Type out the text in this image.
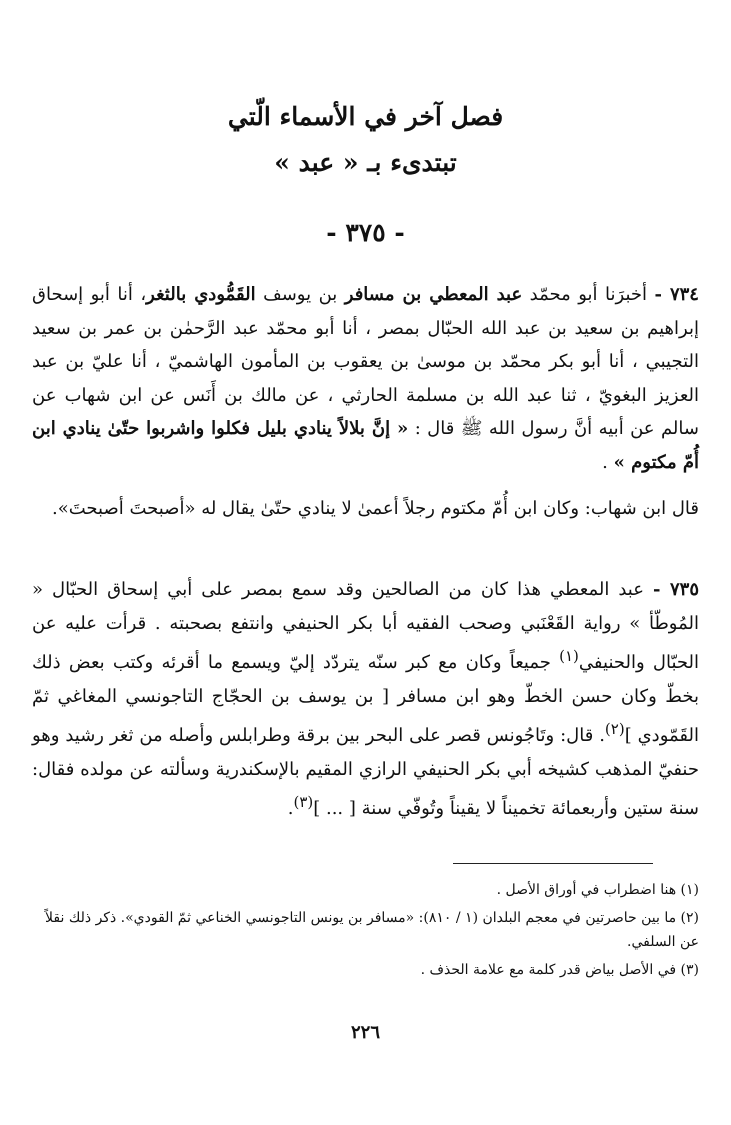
فصل آخر في الأسماء الّتي
تبتدىء بـ « عبد »
- ٣٧٥ -
٧٣٤ - أخبرَنا أبو محمّد عبد المعطي بن مسافر بن يوسف القَمُّودي بالثغر، أنا أبو إسحاق إبراهيم بن سعيد بن عبد الله الحبّال بمصر ، أنا أبو محمّد عبد الرَّحمٰن بن عمر بن سعيد التجيبي ، أنا أبو بكر محمّد بن موسىٰ بن يعقوب بن المأمون الهاشميّ ، أنا عليّ بن عبد العزيز البغويّ ، ثنا عبد الله بن مسلمة الحارثي ، عن مالك بن أَنَس عن ابن شهاب عن سالم عن أبيه أنَّ رسول الله ﷺ قال : « إنَّ بلالاً ينادي بليل فكلوا واشربوا حتّىٰ ينادي ابن أُمّ مكتوم » .
قال ابن شهاب: وكان ابن أُمّ مكتوم رجلاً أعمىٰ لا ينادي حتّىٰ يقال له «أصبحتَ أصبحتَ».
٧٣٥ - عبد المعطي هذا كان من الصالحين وقد سمع بمصر على أبي إسحاق الحبّال « المُوطّأ » رواية القَعْنَبي وصحب الفقيه أبا بكر الحنيفي وانتفع بصحبته . قرأت عليه عن الحبّال والحنيفي$^{(١)}$ جميعاً وكان مع كبر سنّه يتردّد إليّ ويسمع ما أقرئه وكتب بعض ذلك بخطّ وكان حسن الخطّ وهو ابن مسافر [ بن يوسف بن الحجّاج التاجونسي المغاغي ثمّ القَمّودي ]$^{(٢)}$. قال: وتَاجُونس قصر على البحر بين برقة وطرابلس وأصله من ثغر رشيد وهو حنفيّ المذهب كشيخه أبي بكر الحنيفي الرازي المقيم بالإسكندرية وسألته عن مولده فقال: سنة ستين وأربعمائة تخميناً لا يقيناً وتُوفّي سنة [ ... ]$^{(٣)}$.

(١) هنا اضطراب في أوراق الأصل .

(٢) ما بين حاصرتين في معجم البلدان (١ / ٨١٠): «مسافر بن يونس التاجونسي الخناعي ثمّ القودي». ذكر ذلك نقلاً عن السلفي.

(٣) في الأصل بياض قدر كلمة مع علامة الحذف .

٢٢٦
